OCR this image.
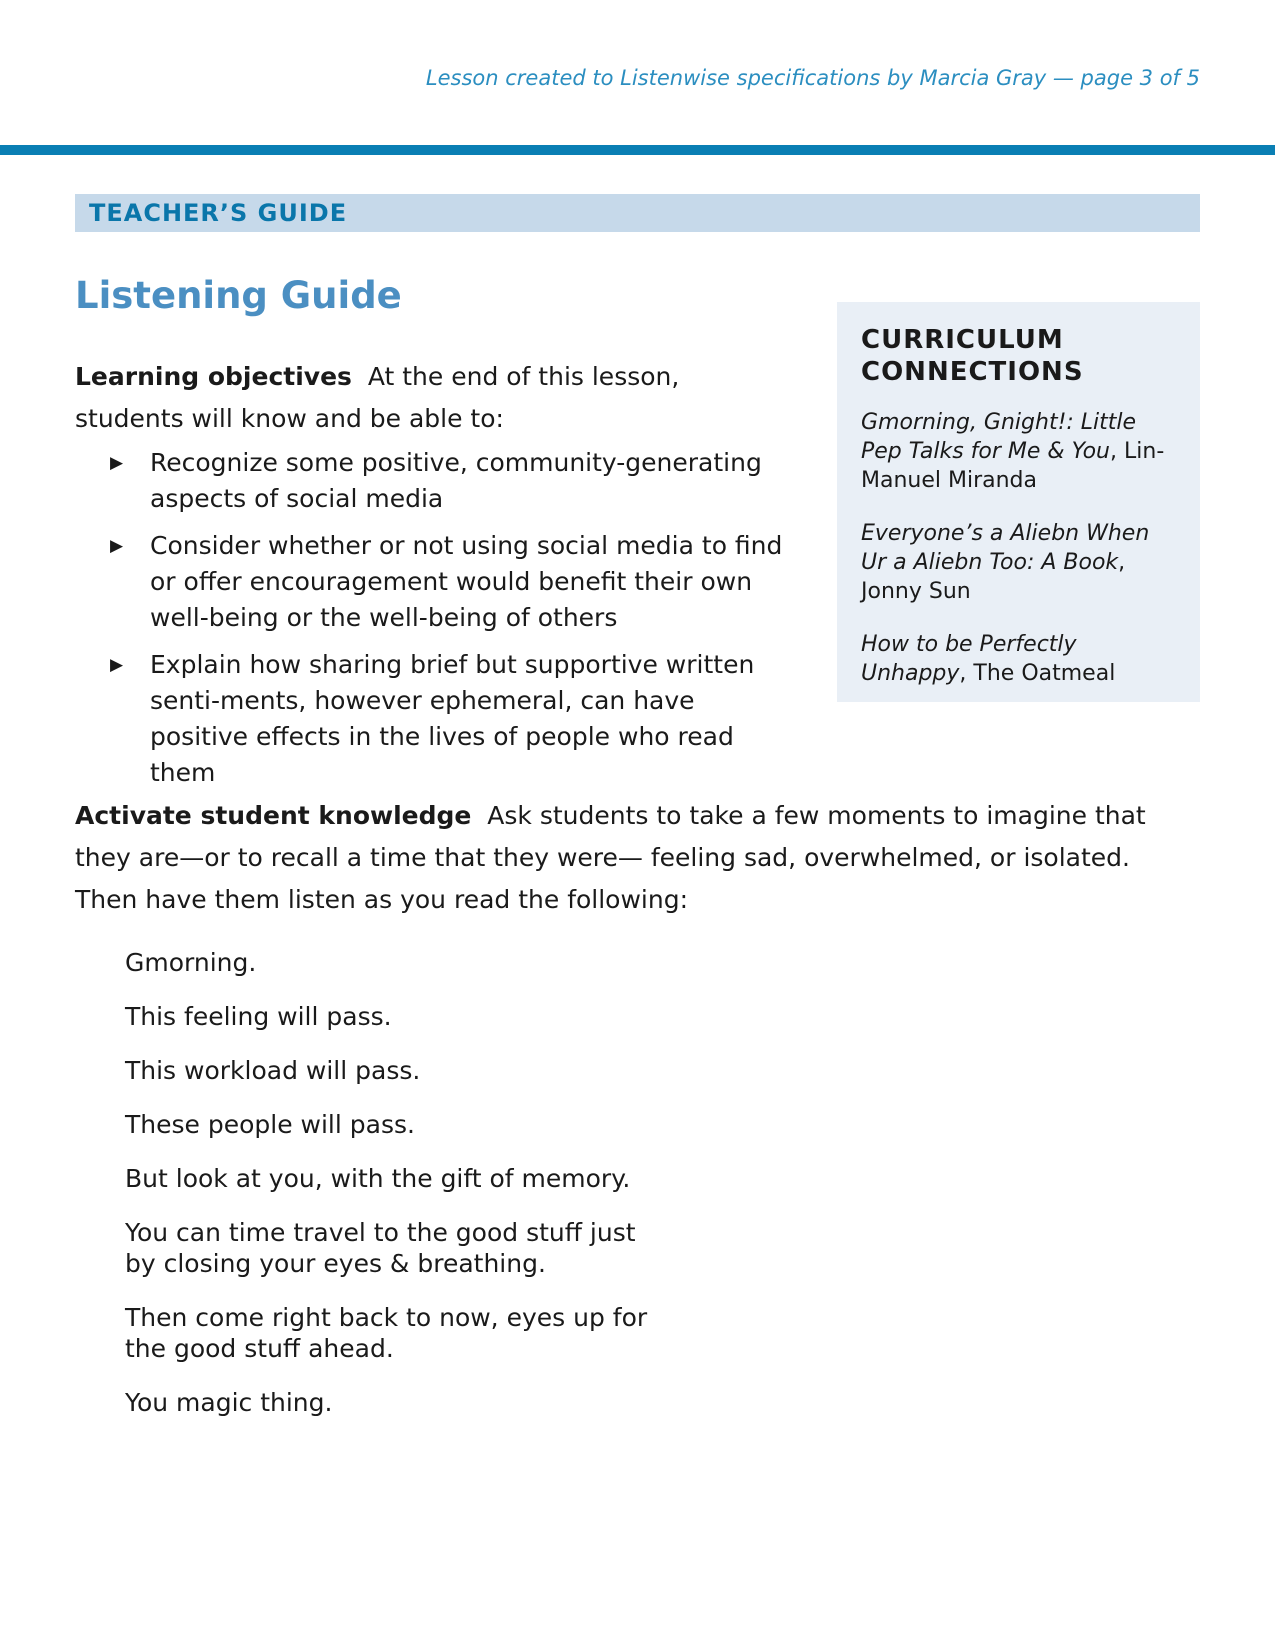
Lesson created to Listenwise specifications by Marcia Gray — page 3 of 5
TEACHER’S GUIDE
Listening Guide

Learning objectives At the end of this lesson, students will know and be able to:

▶ Recognize some positive, community-generating aspects of social media
▶ Consider whether or not using social media to find or offer encouragement would benefit their own well-being or the well-being of others
▶ Explain how sharing brief but supportive written senti-ments, however ephemeral, can have positive effects in the lives of people who read them
CURRICULUM CONNECTIONS
Gmorning, Gnight!: Little Pep Talks for Me & You, Lin-Manuel Miranda
Everyone’s a Aliebn When Ur a Aliebn Too: A Book, Jonny Sun
How to be Perfectly Unhappy, The Oatmeal

Activate student knowledge Ask students to take a few moments to imagine that they are—or to recall a time that they were— feeling sad, overwhelmed, or isolated. Then have them listen as you read the following:

Gmorning.

This feeling will pass.

This workload will pass.

These people will pass.

But look at you, with the gift of memory.

You can time travel to the good stuff just by closing your eyes & breathing.

Then come right back to now, eyes up for the good stuff ahead.

You magic thing.
